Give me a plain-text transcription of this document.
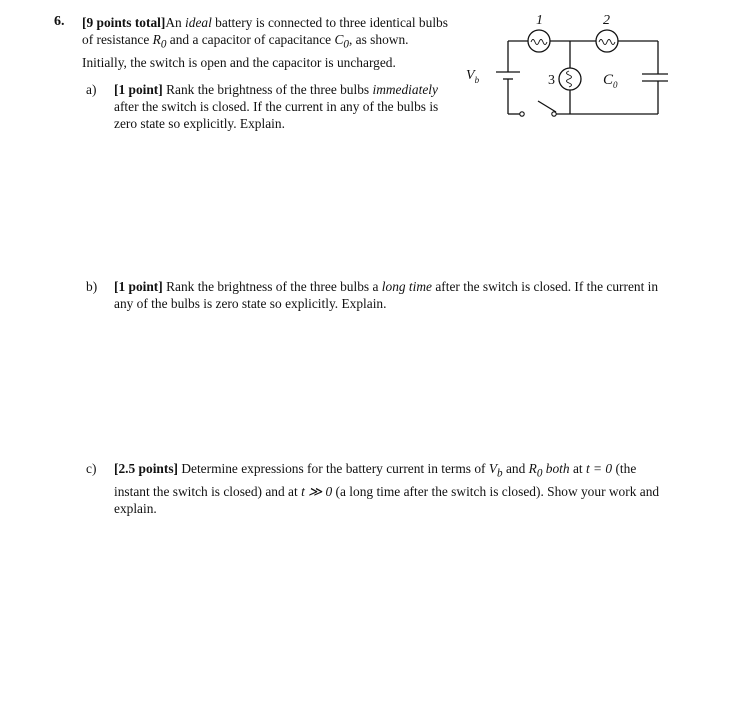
6. [9 points total]An ideal battery is connected to three identical bulbs of resistance $R_0$ and a capacitor of capacitance $C_0$, as shown. Initially, the switch is open and the capacitor is uncharged.
1	2
3
$V_b$	$C_0$
a) [1 point] Rank the brightness of the three bulbs immediately after the switch is closed. If the current in any of the bulbs is zero state so explicitly. Explain.
b) [1 point] Rank the brightness of the three bulbs a long time after the switch is closed. If the current in any of the bulbs is zero state so explicitly. Explain.
c) [2.5 points] Determine expressions for the battery current in terms of $V_b$ and $R_0$ both at t = 0 (the instant the switch is closed) and at t ≫ 0 (a long time after the switch is closed). Show your work and explain.
